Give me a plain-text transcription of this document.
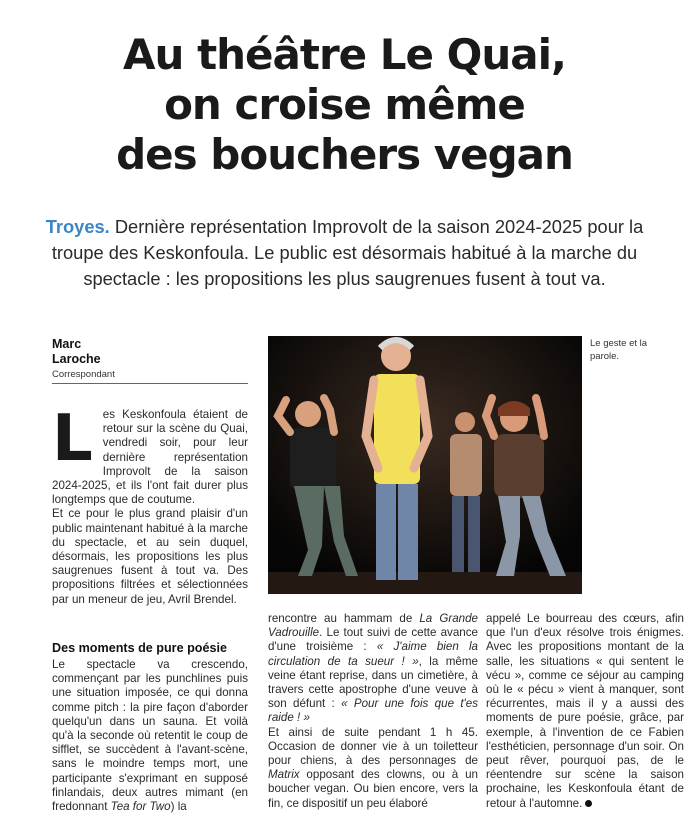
Au théâtre Le Quai,
on croise même
des bouchers vegan
Troyes. Dernière représentation Improvolt de la saison 2024-2025 pour la troupe des Keskonfoula. Le public est désormais habitué à la marche du spectacle : les propositions les plus saugrenues fusent à tout va.
Marc
Laroche
Correspondant
Le geste et la parole.
L es Keskonfoula étaient de retour sur la scène du Quai, vendredi soir, pour leur dernière représentation Improvolt de la saison 2024-2025, et ils l'ont fait durer plus longtemps que de coutume.

Et ce pour le plus grand plaisir d'un public maintenant habitué à la marche du spectacle, et au sein duquel, désormais, les propositions les plus saugrenues fusent à tout va. Des propositions filtrées et sélectionnées par un meneur de jeu, Avril Brendel.

Des moments de pure poésie

Le spectacle va crescendo, commençant par les punchlines puis une situation imposée, ce qui donna comme pitch : la pire façon d'aborder quelqu'un dans un sauna. Et voilà qu'à la seconde où retentit le coup de sifflet, se succèdent à l'avant-scène, sans le moindre temps mort, une participante s'exprimant en supposé finlandais, deux autres mimant (en fredonnant Tea for Two) la

rencontre au hammam de La Grande Vadrouille. Le tout suivi de cette avance d'une troisième : « J'aime bien la circulation de ta sueur ! », la même veine étant reprise, dans un cimetière, à travers cette apostrophe d'une veuve à son défunt : « Pour une fois que t'es raide ! »

Et ainsi de suite pendant 1 h 45. Occasion de donner vie à un toiletteur pour chiens, à des personnages de Matrix opposant des clowns, ou à un boucher vegan. Ou bien encore, vers la fin, ce dispositif un peu élaboré

appelé Le bourreau des cœurs, afin que l'un d'eux résolve trois énigmes. Avec les propositions montant de la salle, les situations « qui sentent le vécu », comme ce séjour au camping où le « pécu » vient à manquer, sont récurrentes, mais il y a aussi des moments de pure poésie, grâce, par exemple, à l'invention de ce Fabien l'esthéticien, personnage d'un soir. On peut rêver, pourquoi pas, de le réentendre sur scène la saison prochaine, les Keskonfoula étant de retour à l'automne.
